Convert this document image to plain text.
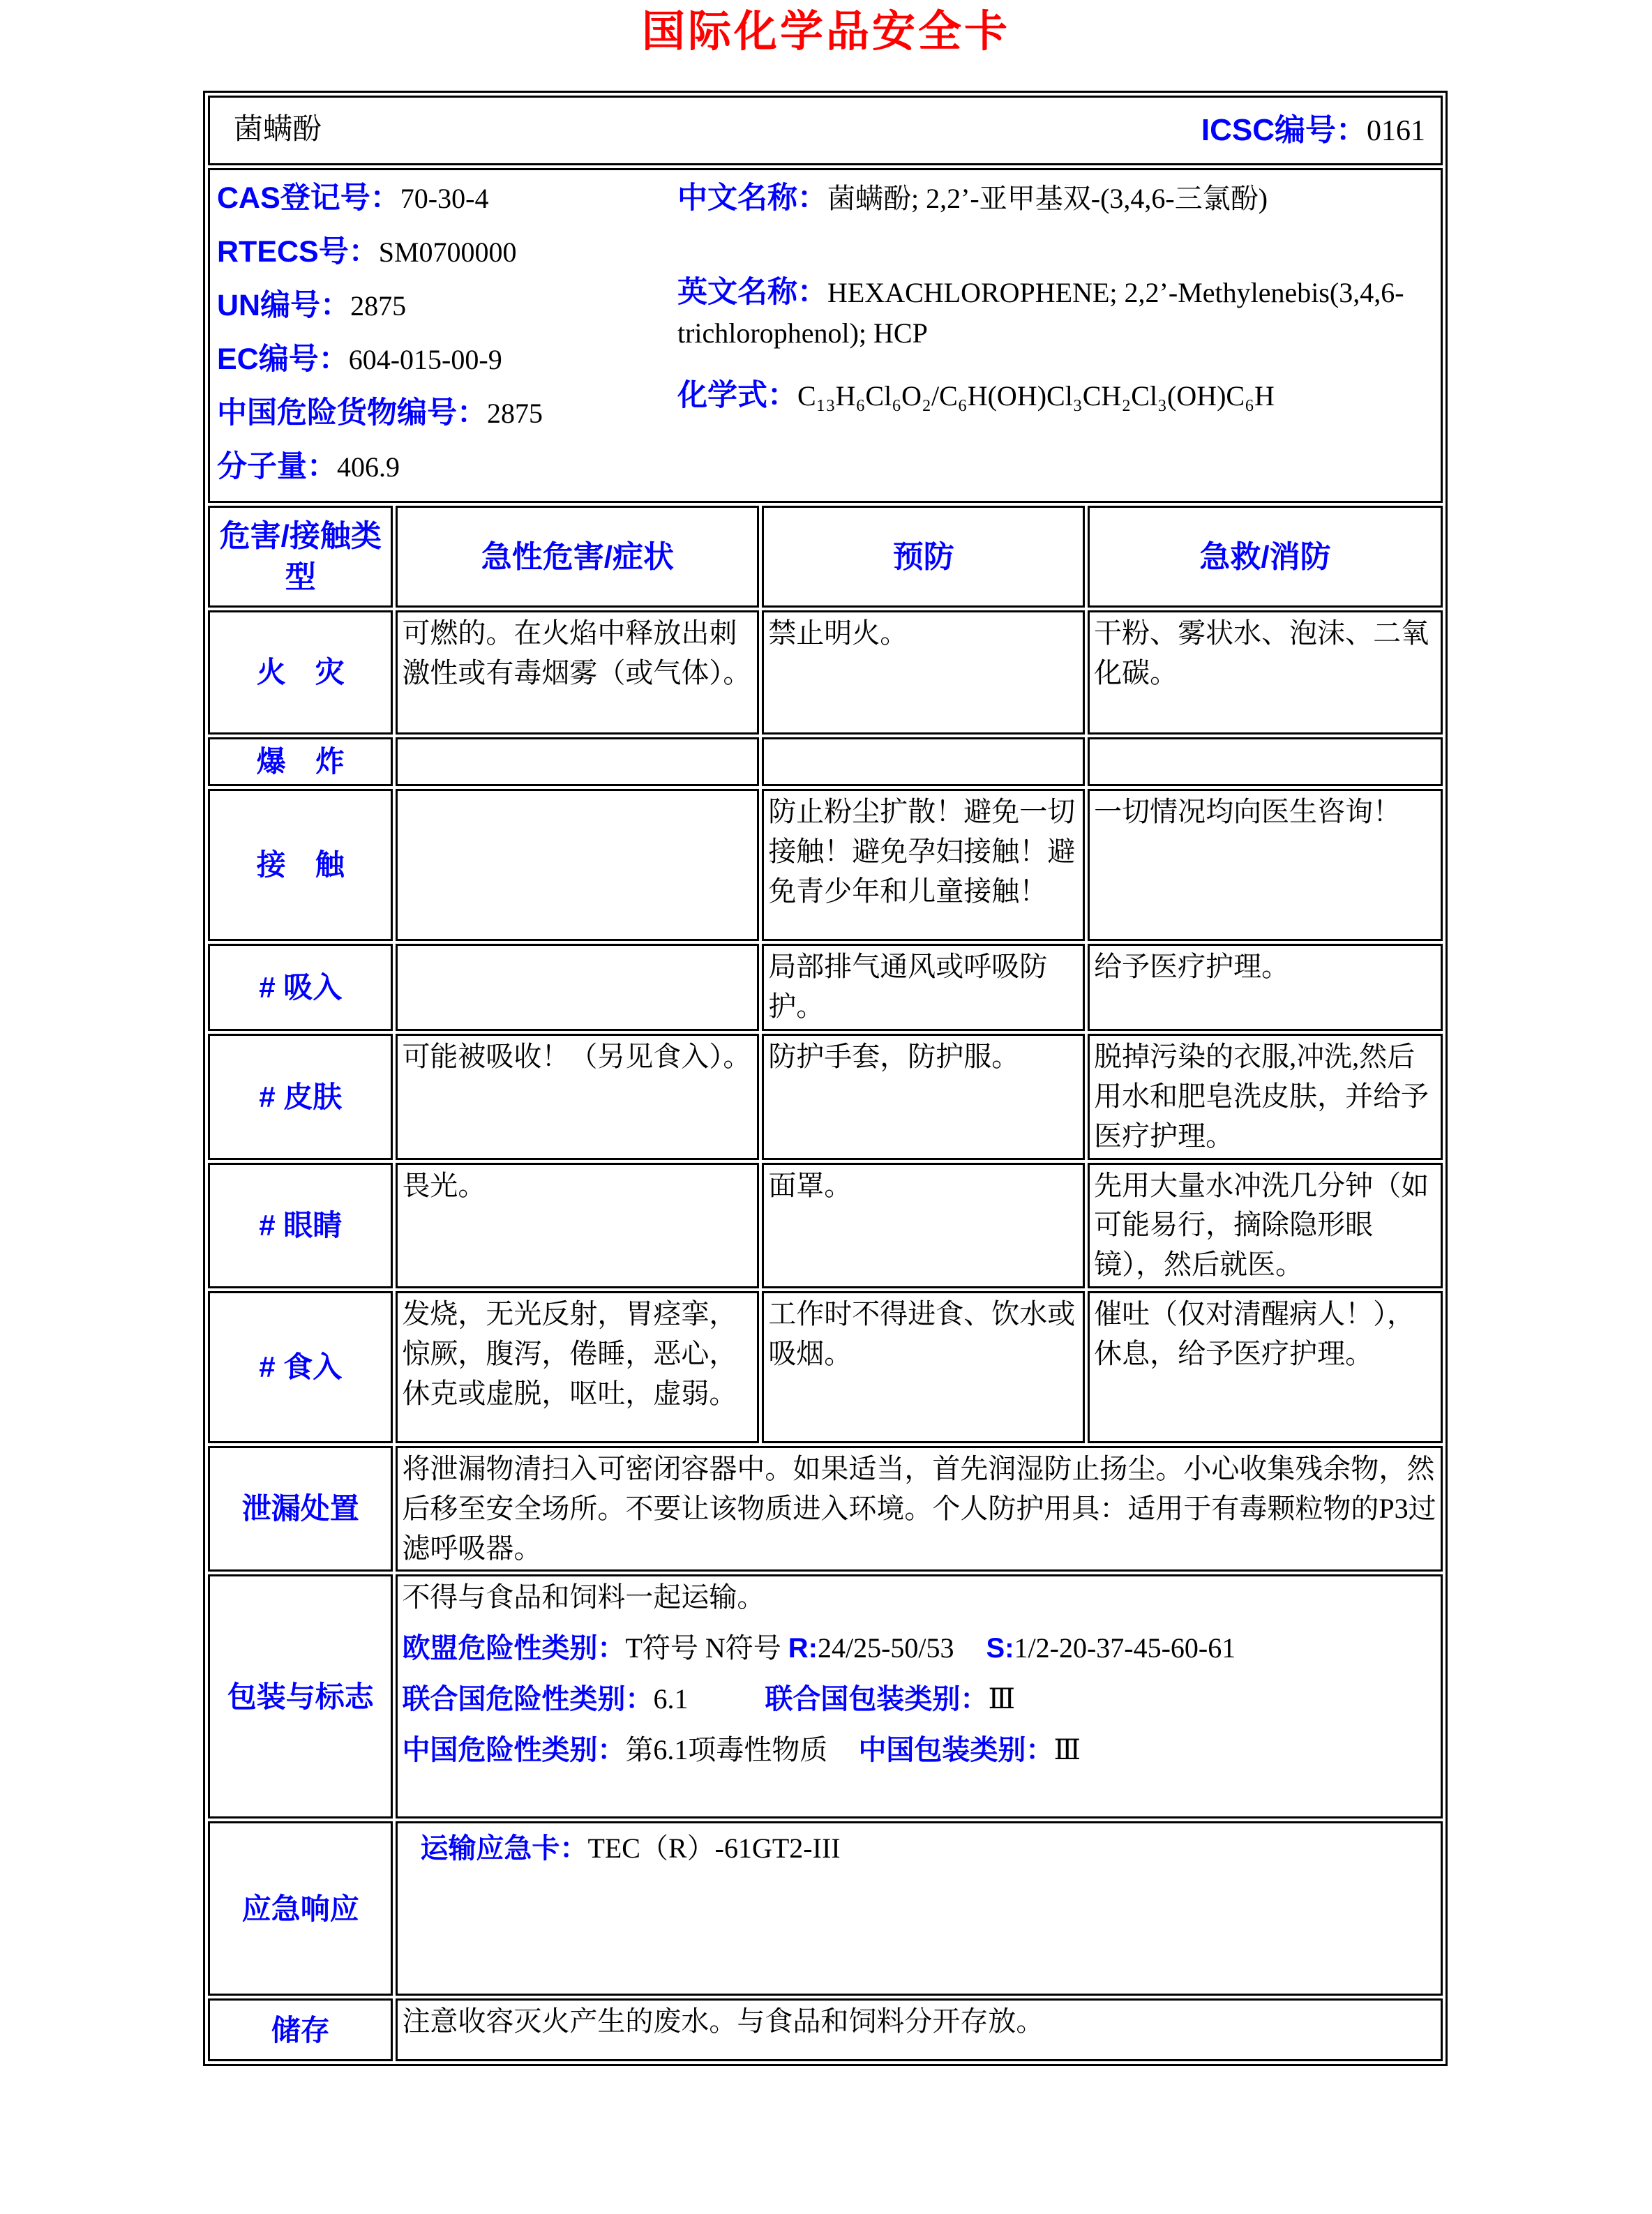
国际化学品安全卡
菌螨酚 ICSC编号：0161			

CAS登记号：70-30-4
RTECS号：SM0700000
UN编号：2875
EC编号：604-015-00-9
中国危险货物编号：2875
分子量：406.9

中文名称：菌螨酚; 2,2’-亚甲基双-(3,4,6-三氯酚)

英文名称：HEXACHLOROPHENE; 2,2’-Methylenebis(3,4,6-trichlorophenol); HCP

化学式：C₁₃H₆Cl₆O₂/C₆H(OH)Cl₃CH₂Cl₃(OH)C₆H

危害/接触类型	急性危害/症状	预防	急救/消防
火　灾	可燃的。在火焰中释放出刺激性或有毒烟雾（或气体）。	禁止明火。	干粉、雾状水、泡沫、二氧化碳。
爆　炸			
接　触		防止粉尘扩散！避免一切接触！避免孕妇接触！避免青少年和儿童接触！	一切情况均向医生咨询！
# 吸入		局部排气通风或呼吸防护。	给予医疗护理。
# 皮肤	可能被吸收！（另见食入）。	防护手套，防护服。	脱掉污染的衣服,冲洗,然后用水和肥皂洗皮肤，并给予医疗护理。
# 眼睛	畏光。	面罩。	先用大量水冲洗几分钟（如可能易行，摘除隐形眼镜），然后就医。
# 食入	发烧，无光反射，胃痉挛，惊厥，腹泻，倦睡，恶心，休克或虚脱，呕吐，虚弱。	工作时不得进食、饮水或吸烟。	催吐（仅对清醒病人！），休息，给予医疗护理。
泄漏处置	将泄漏物清扫入可密闭容器中。如果适当，首先润湿防止扬尘。小心收集残余物，然后移至安全场所。不要让该物质进入环境。个人防护用具：适用于有毒颗粒物的P3过滤呼吸器。		
包装与标志	不得与食品和饲料一起运输。
欧盟危险性类别：T符号 N符号 R:24/25-50/53 S:1/2-20-37-45-60-61
联合国危险性类别：6.1 联合国包装类别：Ⅲ
中国危险性类别：第6.1项毒性物质 中国包装类别：Ⅲ		

应急响应	运输应急卡：TEC（R）-61GT2-III		

储存	注意收容灭火产生的废水。与食品和饲料分开存放。		
